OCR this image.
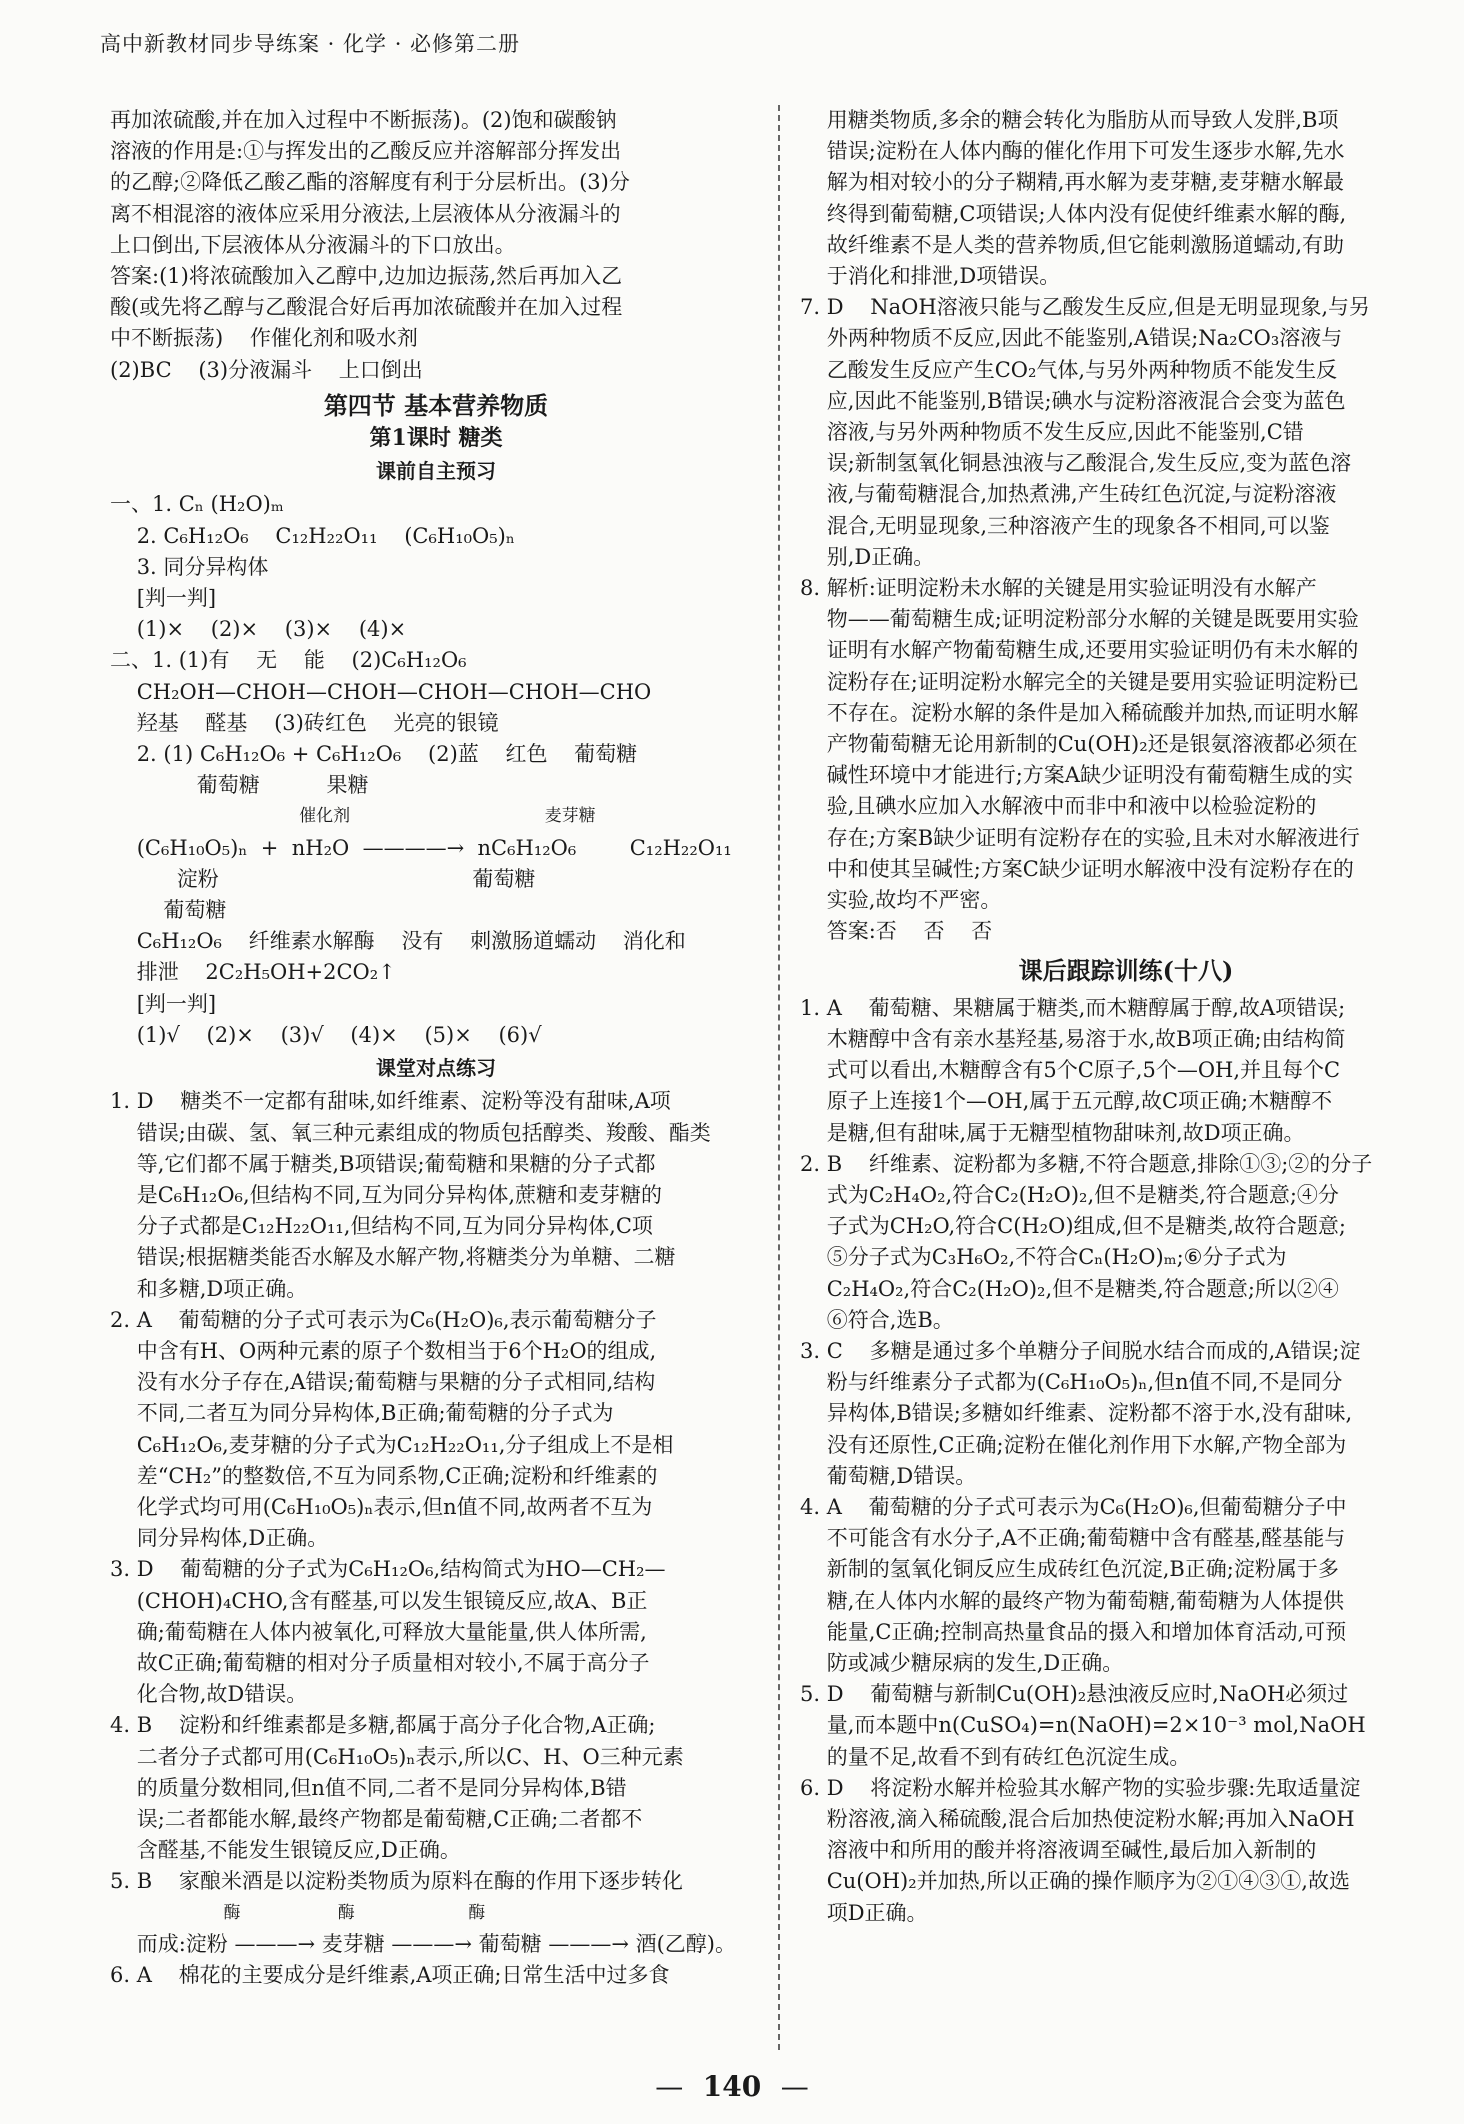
高中新教材同步导练案 · 化学 · 必修第二册
再加浓硫酸,并在加入过程中不断振荡)。(2)饱和碳酸钠
溶液的作用是:①与挥发出的乙酸反应并溶解部分挥发出
的乙醇;②降低乙酸乙酯的溶解度有利于分层析出。(3)分
离不相混溶的液体应采用分液法,上层液体从分液漏斗的
上口倒出,下层液体从分液漏斗的下口放出。
答案:(1)将浓硫酸加入乙醇中,边加边振荡,然后再加入乙
酸(或先将乙醇与乙酸混合好后再加浓硫酸并在加入过程
中不断振荡)    作催化剂和吸水剂
(2)BC    (3)分液漏斗    上口倒出
第四节 基本营养物质
第1课时 糖类
课前自主预习
一、1. Cₙ (H₂O)ₘ
2. C₆H₁₂O₆    C₁₂H₂₂O₁₁    (C₆H₁₀O₅)ₙ
3. 同分异构体
[判一判]
(1)×    (2)×    (3)×    (4)×
二、1. (1)有    无    能    (2)C₆H₁₂O₆
CH₂OH—CHOH—CHOH—CHOH—CHOH—CHO
羟基    醛基    (3)砖红色    光亮的银镜
2. (1) C₆H₁₂O₆ + C₆H₁₂O₆    (2)蓝    红色    葡萄糖
葡萄糖          果糖
催化剂                                    麦芽糖
(C₆H₁₀O₅)ₙ  +  nH₂O  ————→  nC₆H₁₂O₆        C₁₂H₂₂O₁₁
淀粉                                      葡萄糖
葡萄糖
C₆H₁₂O₆    纤维素水解酶    没有    刺激肠道蠕动    消化和
排泄    2C₂H₅OH+2CO₂↑
[判一判]
(1)√    (2)×    (3)√    (4)×    (5)×    (6)√
课堂对点练习
1. D    糖类不一定都有甜味,如纤维素、淀粉等没有甜味,A项
错误;由碳、氢、氧三种元素组成的物质包括醇类、羧酸、酯类
等,它们都不属于糖类,B项错误;葡萄糖和果糖的分子式都
是C₆H₁₂O₆,但结构不同,互为同分异构体,蔗糖和麦芽糖的
分子式都是C₁₂H₂₂O₁₁,但结构不同,互为同分异构体,C项
错误;根据糖类能否水解及水解产物,将糖类分为单糖、二糖
和多糖,D项正确。
2. A    葡萄糖的分子式可表示为C₆(H₂O)₆,表示葡萄糖分子
中含有H、O两种元素的原子个数相当于6个H₂O的组成,
没有水分子存在,A错误;葡萄糖与果糖的分子式相同,结构
不同,二者互为同分异构体,B正确;葡萄糖的分子式为
C₆H₁₂O₆,麦芽糖的分子式为C₁₂H₂₂O₁₁,分子组成上不是相
差“CH₂”的整数倍,不互为同系物,C正确;淀粉和纤维素的
化学式均可用(C₆H₁₀O₅)ₙ表示,但n值不同,故两者不互为
同分异构体,D正确。
3. D    葡萄糖的分子式为C₆H₁₂O₆,结构简式为HO—CH₂—
(CHOH)₄CHO,含有醛基,可以发生银镜反应,故A、B正
确;葡萄糖在人体内被氧化,可释放大量能量,供人体所需,
故C正确;葡萄糖的相对分子质量相对较小,不属于高分子
化合物,故D错误。
4. B    淀粉和纤维素都是多糖,都属于高分子化合物,A正确;
二者分子式都可用(C₆H₁₀O₅)ₙ表示,所以C、H、O三种元素
的质量分数相同,但n值不同,二者不是同分异构体,B错
误;二者都能水解,最终产物都是葡萄糖,C正确;二者都不
含醛基,不能发生银镜反应,D正确。
5. B    家酿米酒是以淀粉类物质为原料在酶的作用下逐步转化
酶                  酶                     酶
而成:淀粉 ———→ 麦芽糖 ———→ 葡萄糖 ———→ 酒(乙醇)。
6. A    棉花的主要成分是纤维素,A项正确;日常生活中过多食
用糖类物质,多余的糖会转化为脂肪从而导致人发胖,B项
错误;淀粉在人体内酶的催化作用下可发生逐步水解,先水
解为相对较小的分子糊精,再水解为麦芽糖,麦芽糖水解最
终得到葡萄糖,C项错误;人体内没有促使纤维素水解的酶,
故纤维素不是人类的营养物质,但它能刺激肠道蠕动,有助
于消化和排泄,D项错误。
7. D    NaOH溶液只能与乙酸发生反应,但是无明显现象,与另
外两种物质不反应,因此不能鉴别,A错误;Na₂CO₃溶液与
乙酸发生反应产生CO₂气体,与另外两种物质不能发生反
应,因此不能鉴别,B错误;碘水与淀粉溶液混合会变为蓝色
溶液,与另外两种物质不发生反应,因此不能鉴别,C错
误;新制氢氧化铜悬浊液与乙酸混合,发生反应,变为蓝色溶
液,与葡萄糖混合,加热煮沸,产生砖红色沉淀,与淀粉溶液
混合,无明显现象,三种溶液产生的现象各不相同,可以鉴
别,D正确。
8. 解析:证明淀粉未水解的关键是用实验证明没有水解产
物——葡萄糖生成;证明淀粉部分水解的关键是既要用实验
证明有水解产物葡萄糖生成,还要用实验证明仍有未水解的
淀粉存在;证明淀粉水解完全的关键是要用实验证明淀粉已
不存在。淀粉水解的条件是加入稀硫酸并加热,而证明水解
产物葡萄糖无论用新制的Cu(OH)₂还是银氨溶液都必须在
碱性环境中才能进行;方案A缺少证明没有葡萄糖生成的实
验,且碘水应加入水解液中而非中和液中以检验淀粉的
存在;方案B缺少证明有淀粉存在的实验,且未对水解液进行
中和使其呈碱性;方案C缺少证明水解液中没有淀粉存在的
实验,故均不严密。
答案:否    否    否
课后跟踪训练(十八)
1. A    葡萄糖、果糖属于糖类,而木糖醇属于醇,故A项错误;
木糖醇中含有亲水基羟基,易溶于水,故B项正确;由结构简
式可以看出,木糖醇含有5个C原子,5个—OH,并且每个C
原子上连接1个—OH,属于五元醇,故C项正确;木糖醇不
是糖,但有甜味,属于无糖型植物甜味剂,故D项正确。
2. B    纤维素、淀粉都为多糖,不符合题意,排除①③;②的分子
式为C₂H₄O₂,符合C₂(H₂O)₂,但不是糖类,符合题意;④分
子式为CH₂O,符合C(H₂O)组成,但不是糖类,故符合题意;
⑤分子式为C₃H₆O₂,不符合Cₙ(H₂O)ₘ;⑥分子式为
C₂H₄O₂,符合C₂(H₂O)₂,但不是糖类,符合题意;所以②④
⑥符合,选B。
3. C    多糖是通过多个单糖分子间脱水结合而成的,A错误;淀
粉与纤维素分子式都为(C₆H₁₀O₅)ₙ,但n值不同,不是同分
异构体,B错误;多糖如纤维素、淀粉都不溶于水,没有甜味,
没有还原性,C正确;淀粉在催化剂作用下水解,产物全部为
葡萄糖,D错误。
4. A    葡萄糖的分子式可表示为C₆(H₂O)₆,但葡萄糖分子中
不可能含有水分子,A不正确;葡萄糖中含有醛基,醛基能与
新制的氢氧化铜反应生成砖红色沉淀,B正确;淀粉属于多
糖,在人体内水解的最终产物为葡萄糖,葡萄糖为人体提供
能量,C正确;控制高热量食品的摄入和增加体育活动,可预
防或减少糖尿病的发生,D正确。
5. D    葡萄糖与新制Cu(OH)₂悬浊液反应时,NaOH必须过
量,而本题中n(CuSO₄)=n(NaOH)=2×10⁻³ mol,NaOH
的量不足,故看不到有砖红色沉淀生成。
6. D    将淀粉水解并检验其水解产物的实验步骤:先取适量淀
粉溶液,滴入稀硫酸,混合后加热使淀粉水解;再加入NaOH
溶液中和所用的酸并将溶液调至碱性,最后加入新制的
Cu(OH)₂并加热,所以正确的操作顺序为②①④③①,故选
项D正确。
— 140 —
